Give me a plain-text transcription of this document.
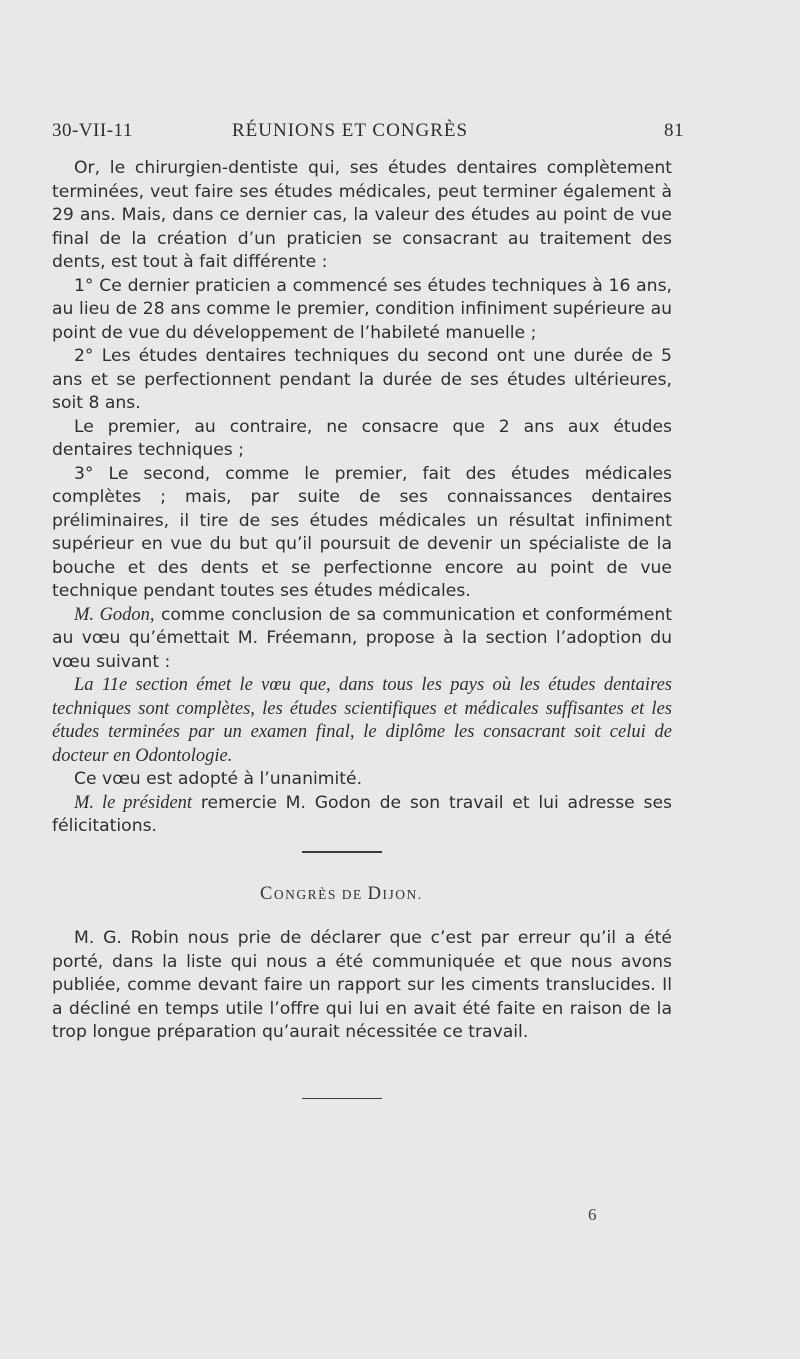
30-VII-11	RÉUNIONS ET CONGRÈS	81

Or, le chirurgien-dentiste qui, ses études dentaires complètement terminées, veut faire ses études médicales, peut terminer également à 29 ans. Mais, dans ce dernier cas, la valeur des études au point de vue final de la création d’un praticien se consacrant au traitement des dents, est tout à fait différente :

1° Ce dernier praticien a commencé ses études techniques à 16 ans, au lieu de 28 ans comme le premier, condition infiniment supérieure au point de vue du développement de l’habileté manuelle ;

2° Les études dentaires techniques du second ont une durée de 5 ans et se perfectionnent pendant la durée de ses études ultérieures, soit 8 ans.

Le premier, au contraire, ne consacre que 2 ans aux études dentaires techniques ;

3° Le second, comme le premier, fait des études médicales complètes ; mais, par suite de ses connaissances dentaires préliminaires, il tire de ses études médicales un résultat infiniment supérieur en vue du but qu’il poursuit de devenir un spécialiste de la bouche et des dents et se perfectionne encore au point de vue technique pendant toutes ses études médicales.

M. Godon, comme conclusion de sa communication et conformément au vœu qu’émettait M. Fréemann, propose à la section l’adoption du vœu suivant :

La 11e section émet le vœu que, dans tous les pays où les études dentaires techniques sont complètes, les études scientifiques et médicales suffisantes et les études terminées par un examen final, le diplôme les consacrant soit celui de docteur en Odontologie.

Ce vœu est adopté à l’unanimité.

M. le président remercie M. Godon de son travail et lui adresse ses félicitations.

CONGRÈS DE DIJON.

M. G. Robin nous prie de déclarer que c’est par erreur qu’il a été porté, dans la liste qui nous a été communiquée et que nous avons publiée, comme devant faire un rapport sur les ciments translucides. Il a décliné en temps utile l’offre qui lui en avait été faite en raison de la trop longue préparation qu’aurait nécessitée ce travail.

6
